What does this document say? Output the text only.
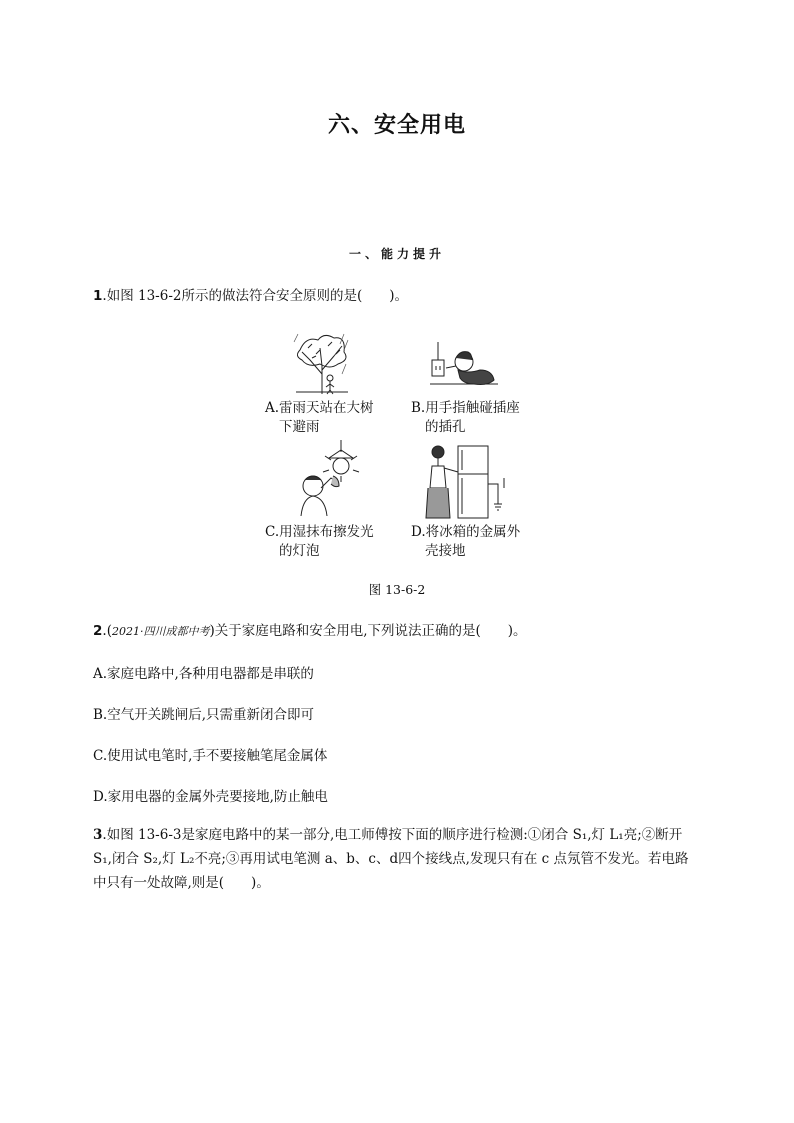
六、安全用电
一、能力提升
1.如图 13-6-2所示的做法符合安全原则的是(　　)。
A.雷雨天站在大树
下避雨
B.用手指触碰插座
的插孔
C.用湿抹布擦发光
的灯泡
D.将冰箱的金属外
壳接地
图 13-6-2
2.(2021·四川成都中考)关于家庭电路和安全用电,下列说法正确的是(　　)。
A.家庭电路中,各种用电器都是串联的
B.空气开关跳闸后,只需重新闭合即可
C.使用试电笔时,手不要接触笔尾金属体
D.家用电器的金属外壳要接地,防止触电
3.如图 13-6-3是家庭电路中的某一部分,电工师傅按下面的顺序进行检测:①闭合 S₁,灯 L₁亮;②断开
S₁,闭合 S₂,灯 L₂不亮;③再用试电笔测 a、b、c、d四个接线点,发现只有在 c 点氖管不发光。若电路
中只有一处故障,则是(　　)。
